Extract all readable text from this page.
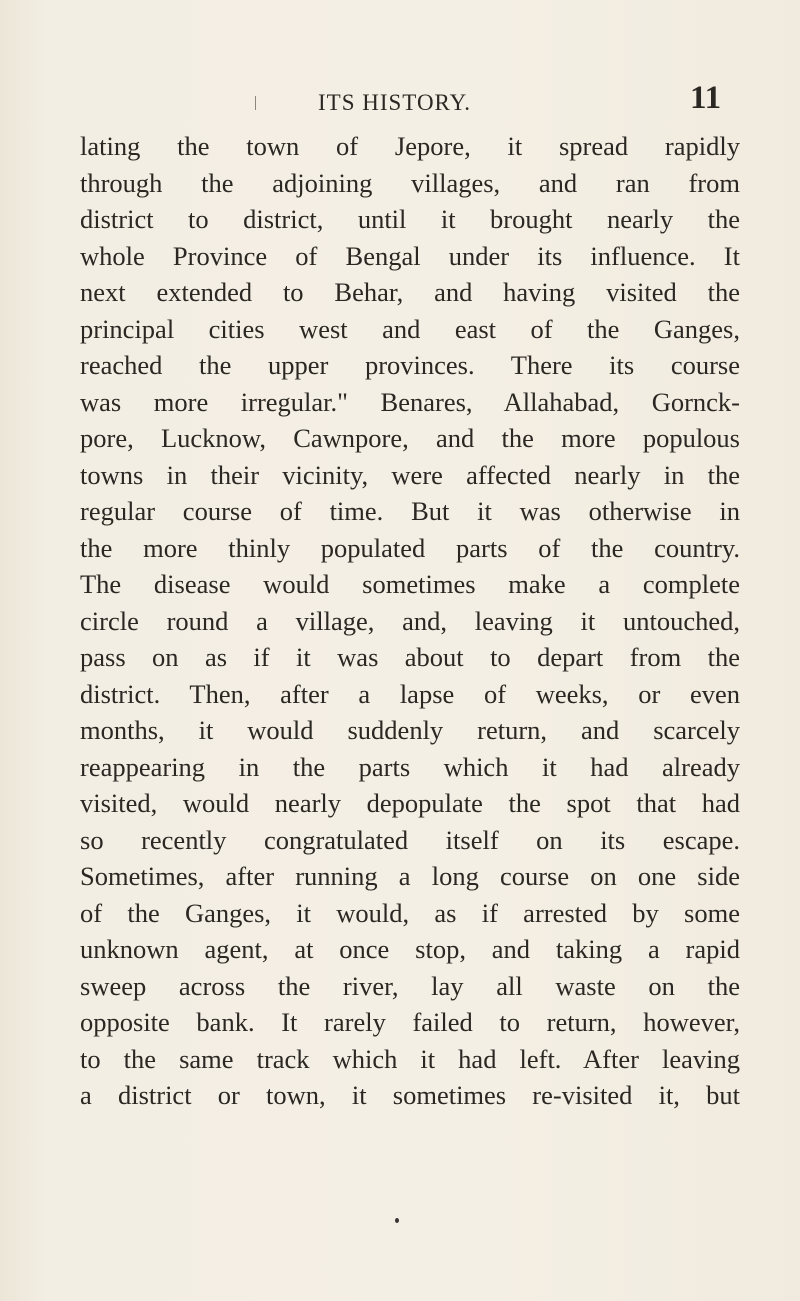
ITS HISTORY.	11
lating the town of Jepore, it spread rapidly
through the adjoining villages, and ran from
district to district, until it brought nearly the
whole Province of Bengal under its influence. It
next extended to Behar, and having visited the
principal cities west and east of the Ganges,
reached the upper provinces. There its course
was more irregular." Benares, Allahabad, Gornck-
pore, Lucknow, Cawnpore, and the more populous
towns in their vicinity, were affected nearly in the
regular course of time. But it was otherwise in
the more thinly populated parts of the country.
The disease would sometimes make a complete
circle round a village, and, leaving it untouched,
pass on as if it was about to depart from the
district. Then, after a lapse of weeks, or even
months, it would suddenly return, and scarcely
reappearing in the parts which it had already
visited, would nearly depopulate the spot that had
so recently congratulated itself on its escape.
Sometimes, after running a long course on one side
of the Ganges, it would, as if arrested by some
unknown agent, at once stop, and taking a rapid
sweep across the river, lay all waste on the
opposite bank. It rarely failed to return, however,
to the same track which it had left. After leaving
a district or town, it sometimes re-visited it, but
